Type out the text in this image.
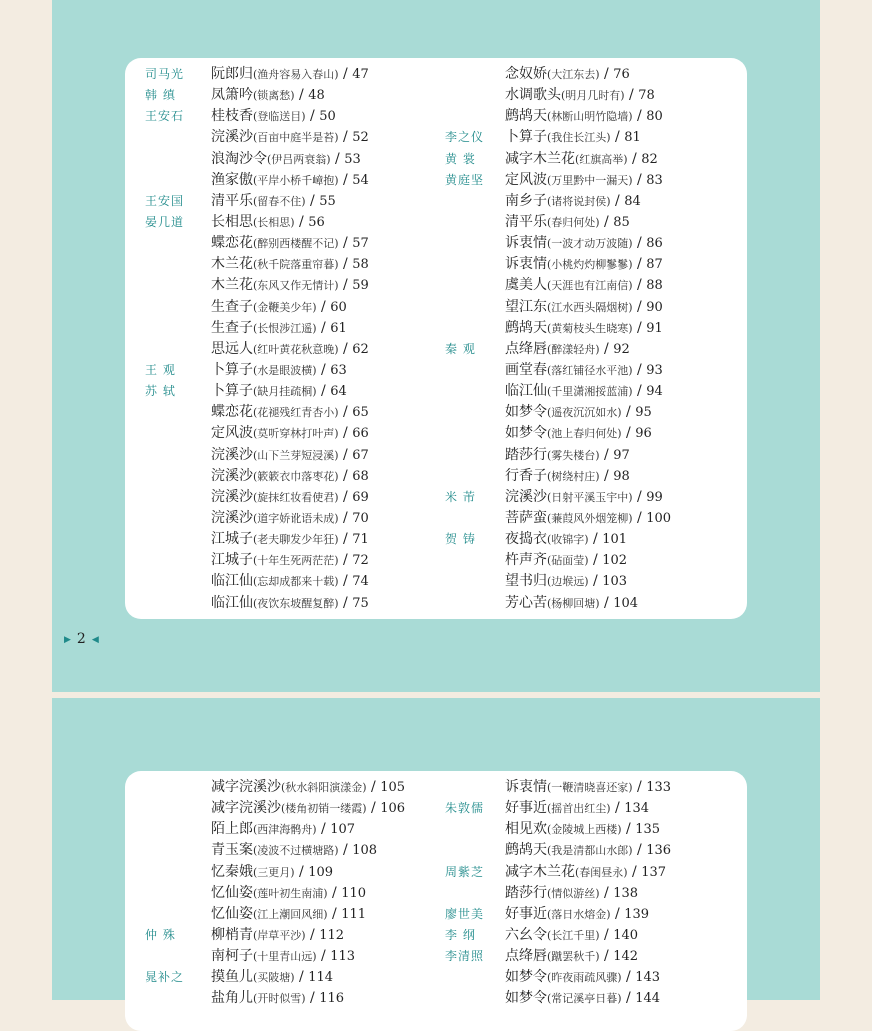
司马光	阮郎归(渔舟容易入春山) / 47
韩 缜	凤箫吟(锁离愁) / 48
王安石	桂枝香(登临送目) / 50
浣溪沙(百亩中庭半是苔) / 52
浪淘沙令(伊吕两衰翁) / 53
渔家傲(平岸小桥千嶂抱) / 54
王安国	清平乐(留春不住) / 55
晏几道	长相思(长相思) / 56
蝶恋花(醉别西楼醒不记) / 57
木兰花(秋千院落重帘暮) / 58
木兰花(东风又作无情计) / 59
生查子(金鞭美少年) / 60
生查子(长恨涉江遥) / 61
思远人(红叶黄花秋意晚) / 62
王 观	卜算子(水是眼波横) / 63
苏 轼	卜算子(缺月挂疏桐) / 64
蝶恋花(花褪残红青杏小) / 65
定风波(莫听穿林打叶声) / 66
浣溪沙(山下兰芽短浸溪) / 67
浣溪沙(簌簌衣巾落枣花) / 68
浣溪沙(旋抹红妆看使君) / 69
浣溪沙(道字娇讹语未成) / 70
江城子(老夫聊发少年狂) / 71
江城子(十年生死两茫茫) / 72
临江仙(忘却成都来十载) / 74
临江仙(夜饮东坡醒复醉) / 75
念奴娇(大江东去) / 76
水调歌头(明月几时有) / 78
鹧鸪天(林断山明竹隐墙) / 80
李之仪	卜算子(我住长江头) / 81
黄 裳	减字木兰花(红旗高举) / 82
黄庭坚	定风波(万里黔中一漏天) / 83
南乡子(诸将说封侯) / 84
清平乐(春归何处) / 85
诉衷情(一波才动万波随) / 86
诉衷情(小桃灼灼柳鬖鬖) / 87
虞美人(天涯也有江南信) / 88
望江东(江水西头隔烟树) / 90
鹧鸪天(黄菊枝头生晓寒) / 91
秦 观	点绛唇(醉漾轻舟) / 92
画堂春(落红铺径水平池) / 93
临江仙(千里潇湘挼蓝浦) / 94
如梦令(遥夜沉沉如水) / 95
如梦令(池上春归何处) / 96
踏莎行(雾失楼台) / 97
行香子(树绕村庄) / 98
米 芾	浣溪沙(日射平溪玉宇中) / 99
菩萨蛮(蒹葭风外烟笼柳) / 100
贺 铸	夜捣衣(收锦字) / 101
杵声齐(砧面莹) / 102
望书归(边堠远) / 103
芳心苦(杨柳回塘) / 104
▶ 2 ◀
减字浣溪沙(秋水斜阳演漾金) / 105
减字浣溪沙(楼角初销一缕霞) / 106
陌上郎(西津海鹘舟) / 107
青玉案(凌波不过横塘路) / 108
忆秦娥(三更月) / 109
忆仙姿(莲叶初生南浦) / 110
忆仙姿(江上潮回风细) / 111
仲 殊	柳梢青(岸草平沙) / 112
南柯子(十里青山远) / 113
晁补之	摸鱼儿(买陂塘) / 114
盐角儿(开时似雪) / 116
诉衷情(一鞭清晓喜还家) / 133
朱敦儒	好事近(摇首出红尘) / 134
相见欢(金陵城上西楼) / 135
鹧鸪天(我是清都山水郎) / 136
周紫芝	减字木兰花(春闺昼永) / 137
踏莎行(情似游丝) / 138
廖世美	好事近(落日水熔金) / 139
李 纲	六幺令(长江千里) / 140
李清照	点绛唇(蹴罢秋千) / 142
如梦令(昨夜雨疏风骤) / 143
如梦令(常记溪亭日暮) / 144
